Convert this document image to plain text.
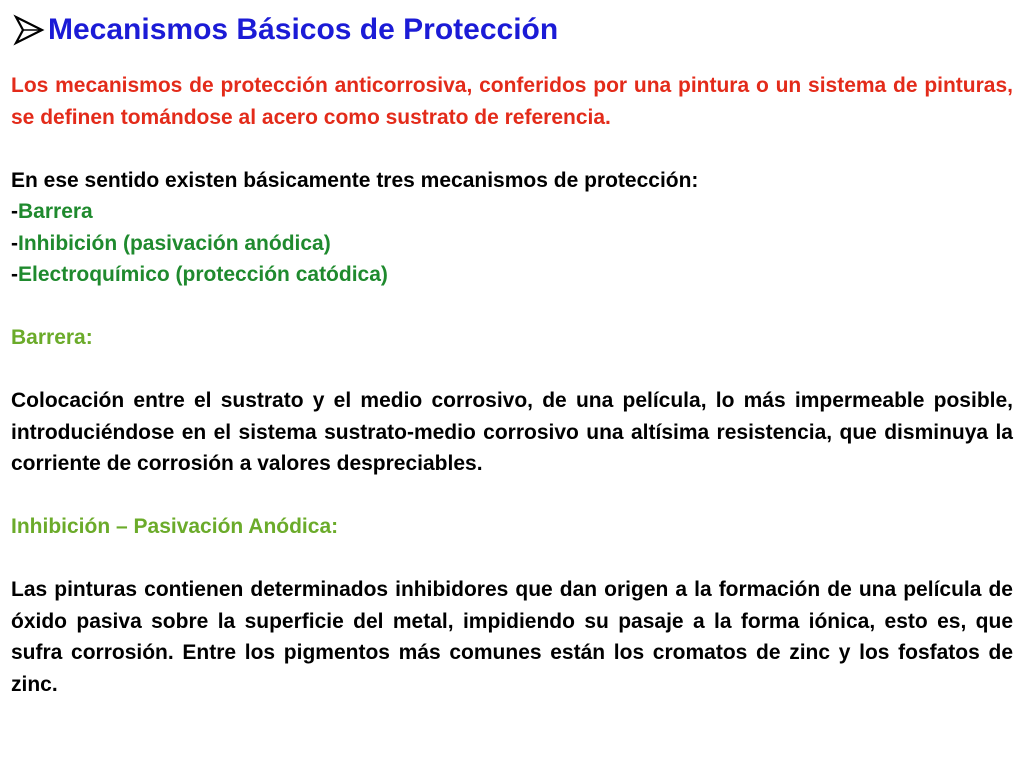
Mecanismos Básicos de Protección

Los mecanismos de protección anticorrosiva, conferidos por una pintura o un sistema de pinturas, se definen tomándose al acero como sustrato de referencia.

En ese sentido existen básicamente tres mecanismos de protección:

-Barrera

-Inhibición (pasivación anódica)

-Electroquímico (protección catódica)

Barrera:

Colocación entre el sustrato y el medio corrosivo, de una película, lo más impermeable posible, introduciéndose en el sistema sustrato-medio corrosivo una altísima resistencia, que disminuya la corriente de corrosión a valores despreciables.

Inhibición – Pasivación Anódica:

Las pinturas contienen determinados inhibidores que dan origen a la formación de una película de óxido pasiva sobre la superficie del metal, impidiendo su pasaje a la forma iónica, esto es, que sufra corrosión. Entre los pigmentos más comunes están los cromatos de zinc y los fosfatos de zinc.
